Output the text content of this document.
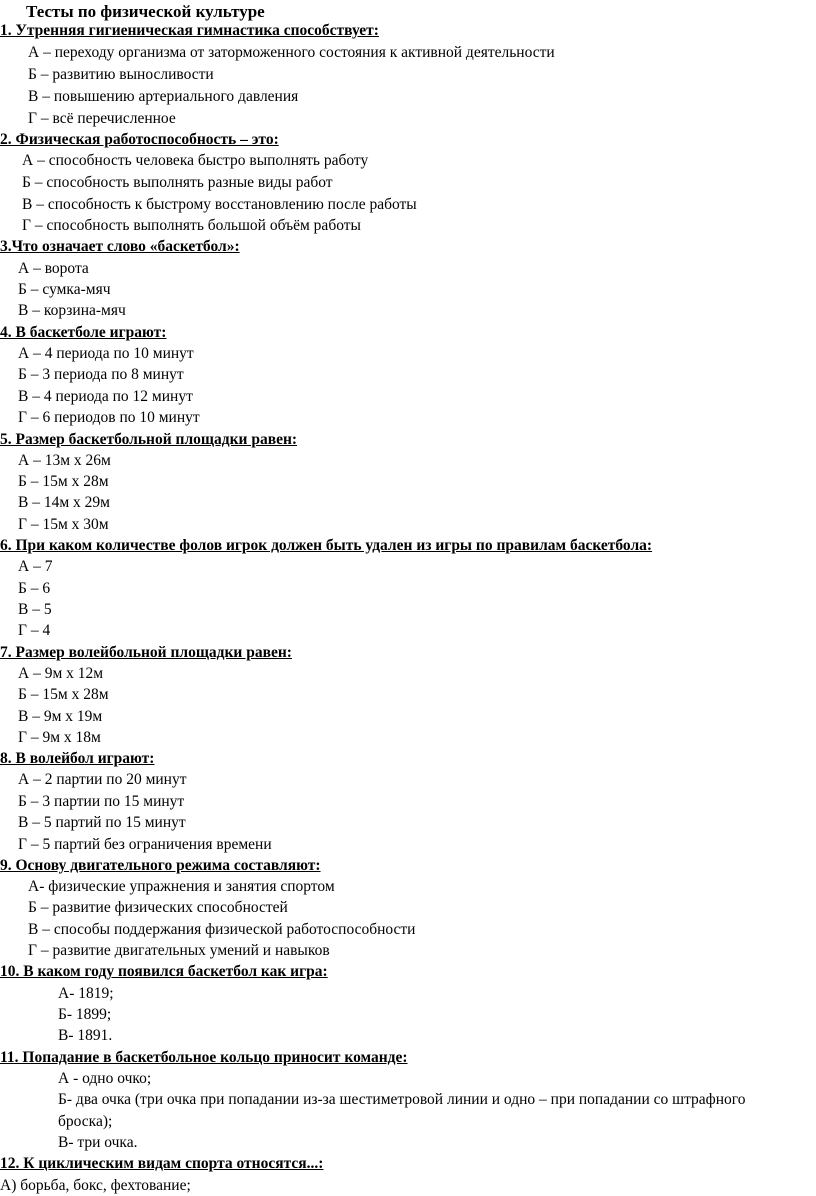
Тесты по физической культуре
1. Утренняя гигиеническая гимнастика способствует:
А – переходу организма от заторможенного состояния к активной деятельности
Б – развитию выносливости
В – повышению артериального давления
Г – всё перечисленное
2. Физическая работоспособность – это:
А – способность человека быстро выполнять работу
Б – способность выполнять разные виды работ
В – способность к быстрому восстановлению после работы
Г – способность выполнять большой объём работы
3.Что означает слово «баскетбол»:
А – ворота
Б – сумка-мяч
В – корзина-мяч
4. В баскетболе играют:
А – 4 периода по 10 минут
Б – 3 периода по 8 минут
В – 4 периода по 12 минут
Г – 6 периодов по 10 минут
5. Размер баскетбольной площадки равен:
А – 13м х 26м
Б – 15м х 28м
В – 14м х 29м
Г – 15м х 30м
6. При каком количестве фолов игрок должен быть удален из игры по правилам баскетбола:
А – 7
Б – 6
В – 5
Г – 4
7. Размер волейбольной площадки равен:
А – 9м х 12м
Б – 15м х 28м
В – 9м х 19м
Г – 9м х 18м
8. В волейбол играют:
А – 2 партии по 20 минут
Б – 3 партии по 15 минут
В – 5 партий по 15 минут
Г – 5 партий без ограничения времени
9. Основу двигательного режима составляют:
А- физические упражнения и занятия спортом
Б – развитие физических способностей
В – способы поддержания физической работоспособности
Г – развитие двигательных умений и навыков
10. В каком году появился баскетбол как игра:
А- 1819;
Б- 1899;
В- 1891.
11. Попадание в баскетбольное кольцо приносит команде:
А - одно очко;
Б- два очка (три очка при попадании из-за шестиметровой линии и одно – при попадании со штрафного
броска);
В- три очка.
12. К циклическим видам спорта относятся...:
А) борьба, бокс, фехтование;
